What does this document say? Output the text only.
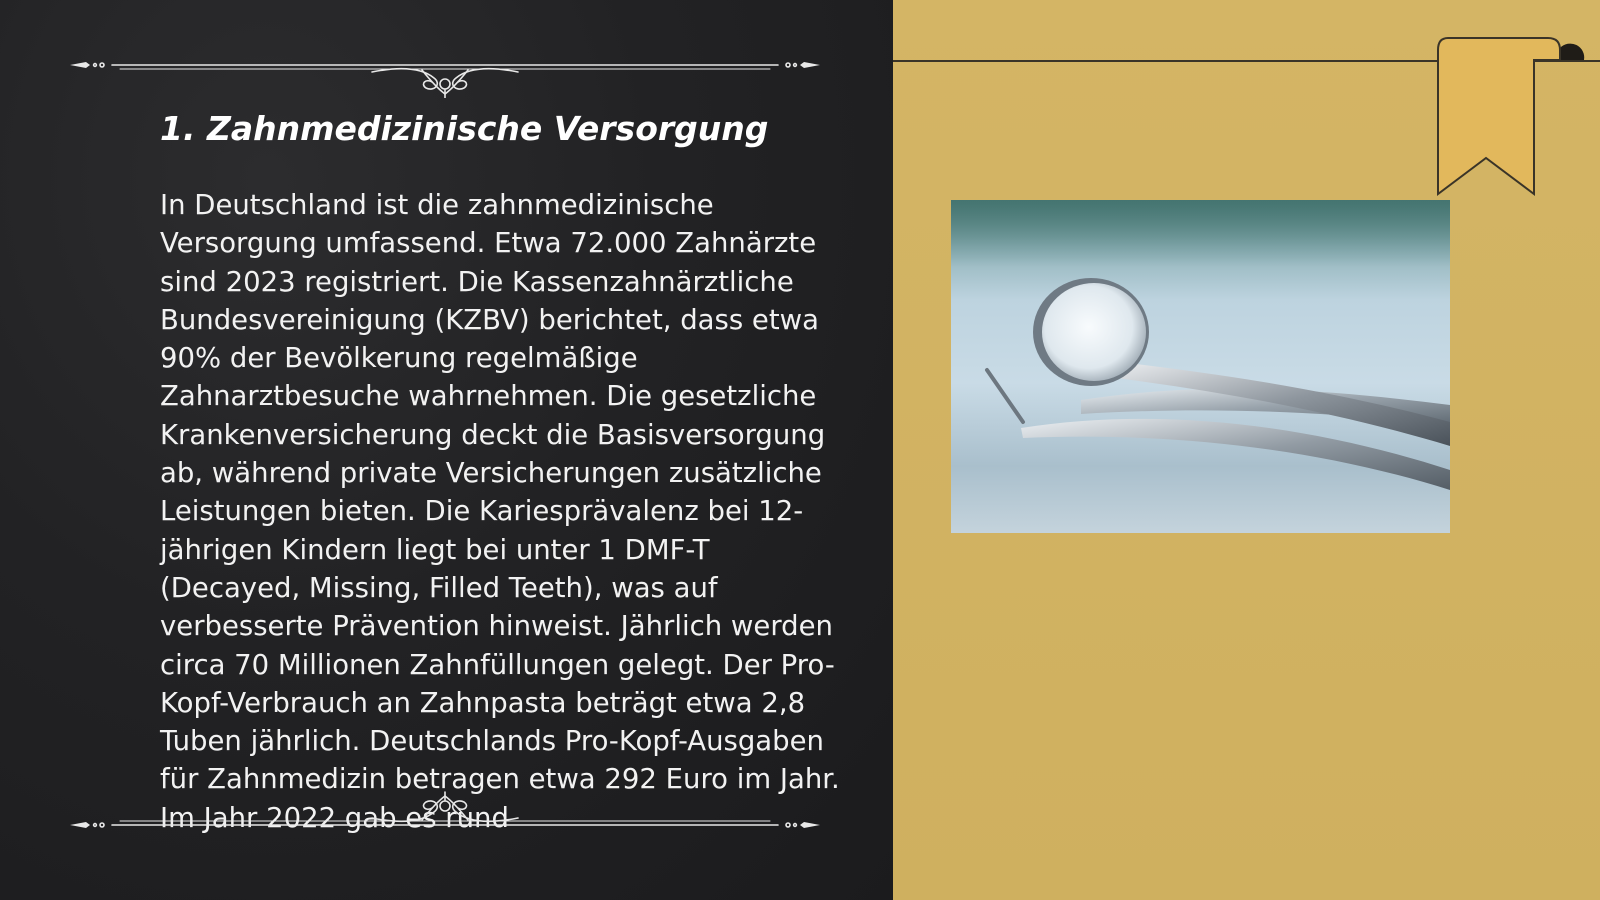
1. Zahnmedizinische Versorgung

In Deutschland ist die zahnmedizinische Versorgung umfassend. Etwa 72.000 Zahnärzte sind 2023 registriert. Die Kassenzahnärztliche Bundesvereinigung (KZBV) berichtet, dass etwa 90% der Bevölkerung regelmäßige Zahnarztbesuche wahrnehmen. Die gesetzliche Krankenversicherung deckt die Basisversorgung ab, während private Versicherungen zusätzliche Leistungen bieten. Die Kariesprävalenz bei 12-jährigen Kindern liegt bei unter 1 DMF-T (Decayed, Missing, Filled Teeth), was auf verbesserte Prävention hinweist. Jährlich werden circa 70 Millionen Zahnfüllungen gelegt. Der Pro-Kopf-Verbrauch an Zahnpasta beträgt etwa 2,8 Tuben jährlich. Deutschlands Pro-Kopf-Ausgaben für Zahnmedizin betragen etwa 292 Euro im Jahr. Im Jahr 2022 gab es rund
